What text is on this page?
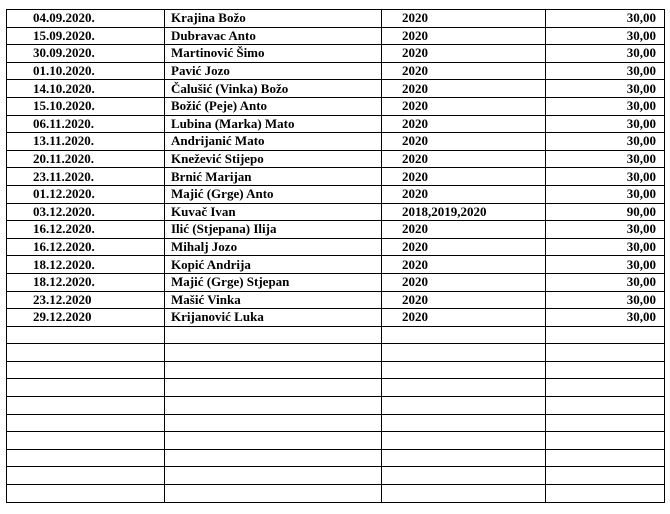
04.09.2020.	Krajina Božo	2020	30,00
15.09.2020.	Dubravac Anto	2020	30,00
30.09.2020.	Martinović Šimo	2020	30,00
01.10.2020.	Pavić Jozo	2020	30,00
14.10.2020.	Čalušić (Vinka) Božo	2020	30,00
15.10.2020.	Božić (Peje) Anto	2020	30,00
06.11.2020.	Lubina (Marka) Mato	2020	30,00
13.11.2020.	Andrijanić Mato	2020	30,00
20.11.2020.	Knežević Stijepo	2020	30,00
23.11.2020.	Brnić Marijan	2020	30,00
01.12.2020.	Majić (Grge) Anto	2020	30,00
03.12.2020.	Kuvač Ivan	2018,2019,2020	90,00
16.12.2020.	Ilić (Stjepana) Ilija	2020	30,00
16.12.2020.	Mihalj Jozo	2020	30,00
18.12.2020.	Kopić Andrija	2020	30,00
18.12.2020.	Majić (Grge) Stjepan	2020	30,00
23.12.2020	Mašić Vinka	2020	30,00
29.12.2020	Krijanović Luka	2020	30,00
